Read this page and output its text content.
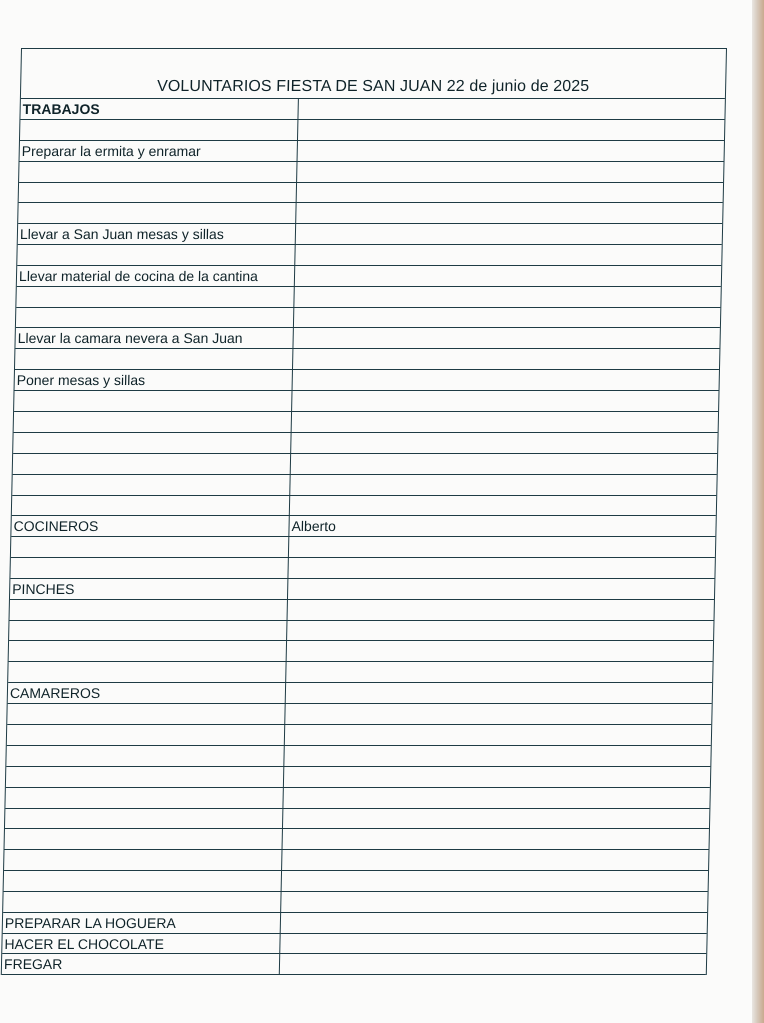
VOLUNTARIOS FIESTA DE SAN JUAN 22 de junio de 2025
TRABAJOS
Preparar la ermita y enramar
Llevar a San Juan mesas y sillas
Llevar material de cocina de la cantina
Llevar la camara nevera a San Juan
Poner mesas y sillas
COCINEROS	Alberto
PINCHES
CAMAREROS
PREPARAR LA HOGUERA
HACER EL CHOCOLATE
FREGAR
